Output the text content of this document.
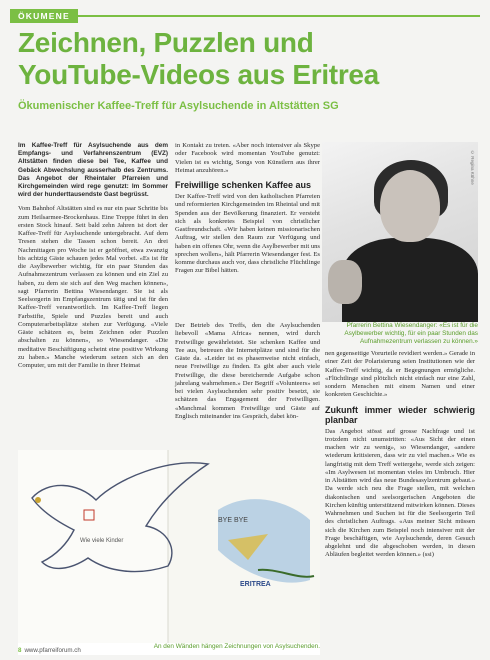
ÖKUMENE
Zeichnen, Puzzlen und
YouTube-Videos aus Eritrea
Ökumenischer Kaffee-Treff für Asylsuchende in Altstätten SG

Im Kaffee-Treff für Asylsuchende aus dem Empfangs- und Verfahrenszentrum (EVZ) Altstätten finden diese bei Tee, Kaffee und Gebäck Abwechslung ausserhalb des Zentrums. Das Angebot der Rheintaler Pfarreien und Kirchgemeinden wird rege genutzt: Im Sommer wird der hunderttausendste Gast begrüsst.

Vom Bahnhof Altstätten sind es nur ein paar Schritte bis zum Heilsarmee-Brockenhaus. Eine Treppe führt in den ersten Stock hinauf. Seit bald zehn Jahren ist dort der Kaffee-Treff für Asylsuchende untergebracht. Auf dem Tresen stehen die Tassen schon bereit. An drei Nachmittagen pro Woche ist er geöffnet, etwa zwanzig bis achtzig Gäste schauen jedes Mal vorbei. «Es ist für die Asylbewerber wichtig, für ein paar Stunden das Aufnahmezentrum verlassen zu können und ein Ziel zu haben, zu dem sie sich auf den Weg machen können», sagt Pfarrerin Bettina Wiesendanger. Sie ist als Seelsorgerin im Empfangszentrum tätig und ist für den Kaffee-Treff verantwortlich. Im Kaffee-Treff liegen Farbstifte, Spiele und Puzzles bereit und auch Computerarbeitsplätze stehen zur Verfügung. «Viele Gäste schätzen es, beim Zeichnen oder Puzzlen abschalten zu können», so Wiesendanger. «Die meditative Beschäftigung scheint eine positive Wirkung zu haben.» Manche wiederum setzen sich an den Computer, um mit der Familie in ihrer Heimat

in Kontakt zu treten. «Aber noch intensiver als Skype oder Facebook wird momentan YouTube genutzt: Vielen ist es wichtig, Songs von Künstlern aus ihrer Heimat anzuhören.»

Freiwillige schenken Kaffee aus

Der Kaffee-Treff wird von den katholischen Pfarreien und reformierten Kirchgemeinden im Rheintal und mit Spenden aus der Bevölkerung finanziert. Er versteht sich als konkretes Beispiel von christlicher Gastfreundschaft. «Wir haben keinen missionarischen Auftrag, wir stellen den Raum zur Verfügung und haben ein offenes Ohr, wenn die Asylbewerber mit uns sprechen wollen», hält Pfarrerin Wiesendanger fest. Es komme durchaus auch vor, dass christliche Flüchtlinge Fragen zur Bibel hätten.

© Regina Kühne
Pfarrerin Bettina Wiesendanger: «Es ist für die Asylbewerber wichtig, für ein paar Stunden das Aufnahmezentrum verlassen zu können.»

Der Betrieb des Treffs, den die Asylsuchenden liebevoll «Mama Africa» nennen, wird durch Freiwillige gewährleistet. Sie schenken Kaffee und Tee aus, betreuen die Internetplätze und sind für die Gäste da. «Leider ist es phasenweise nicht einfach, neue Freiwillige zu finden. Es gibt aber auch viele Freiwillige, die diese bereichernde Aufgabe schon jahrelang wahrnehmen.» Der Begriff «Volunteers» sei bei vielen Asylsuchenden sehr positiv besetzt, sie schätzen das Engagement der Freiwilligen. «Manchmal kommen Freiwillige und Gäste auf Englisch miteinander ins Gespräch, dabei kön-

nen gegenseitige Vorurteile revidiert werden.» Gerade in einer Zeit der Polarisierung seien Institutionen wie der Kaffee-Treff wichtig, da er Begegnungen ermögliche. «Flüchtlinge sind plötzlich nicht einfach nur eine Zahl, sondern Menschen mit einem Namen und einer konkreten Geschichte.»

Zukunft immer wieder schwierig planbar

Das Angebot stösst auf grosse Nachfrage und ist trotzdem nicht unumstritten: «Aus Sicht der einen machen wir zu wenig», so Wiesendanger, «andere wiederum kritisieren, dass wir zu viel machen.» Wie es langfristig mit dem Treff weitergehe, werde sich zeigen: «Im Asylwesen ist momentan vieles im Umbruch. Hier in Altstätten wird das neue Bundesasylzentrum gebaut.» Da werde sich neu die Frage stellen, mit welchen diakonischen und seelsorgerischen Angeboten die Kirchen künftig unterstützend mitwirken können. Dieses Wahrnehmen und Suchen ist für die Seelsorgerin Teil des christlichen Auftrags. «Aus meiner Sicht müssen sich die Kirchen zum Beispiel noch intensiver mit der Frage beschäftigen, wie Asylsuchende, deren Gesuch abgelehnt und die abgeschoben werden, in diesen Abläufen begleitet werden können.» (ssi)

Wie viele Kinder
BYE BYE
ERITREA
An den Wänden hängen Zeichnungen von Asylsuchenden.
8 www.pfarreiforum.ch
